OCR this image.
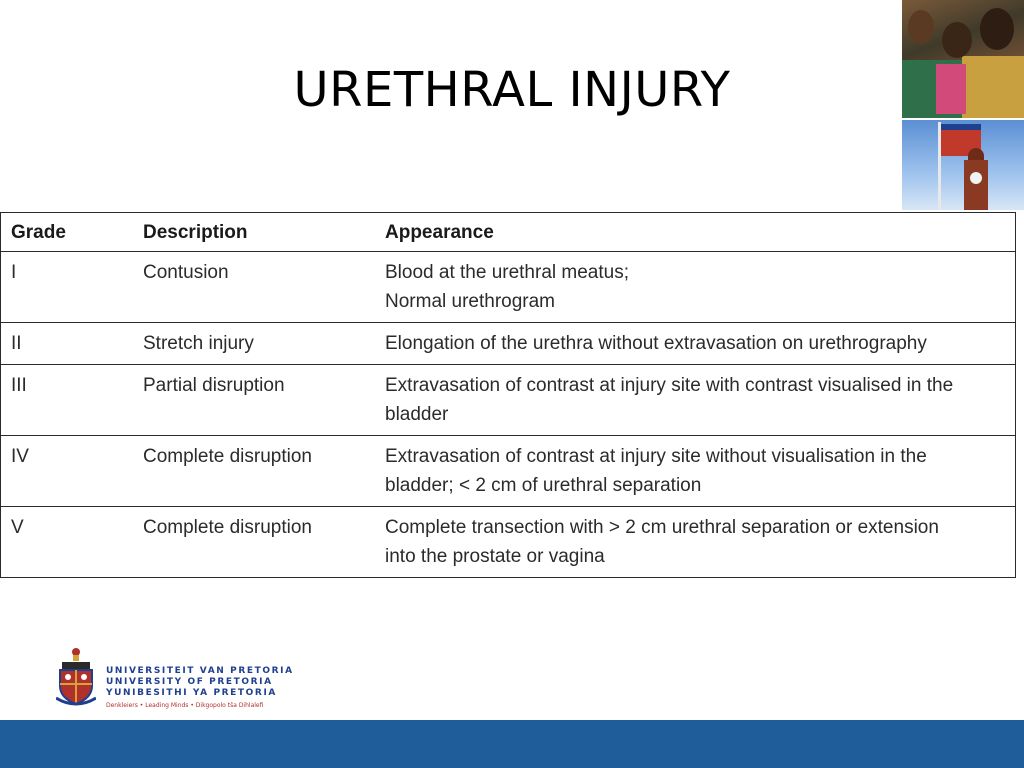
URETHRAL INJURY
Grade	Description	Appearance
I	Contusion	Blood at the urethral meatus;
Normal urethrogram

II	Stretch injury	Elongation of the urethra without extravasation on urethrography

III	Partial disruption	Extravasation of contrast at injury site with contrast visualised in the
bladder

IV	Complete disruption	Extravasation of contrast at injury site without visualisation in the
bladder; < 2 cm of urethral separation

V	Complete disruption	Complete transection with > 2 cm urethral separation or extension
into the prostate or vagina
UNIVERSITEIT VAN PRETORIA
UNIVERSITY OF PRETORIA
YUNIBESITHI YA PRETORIA
Denkleiers • Leading Minds • Dikgopolo tša Dihlalefi
